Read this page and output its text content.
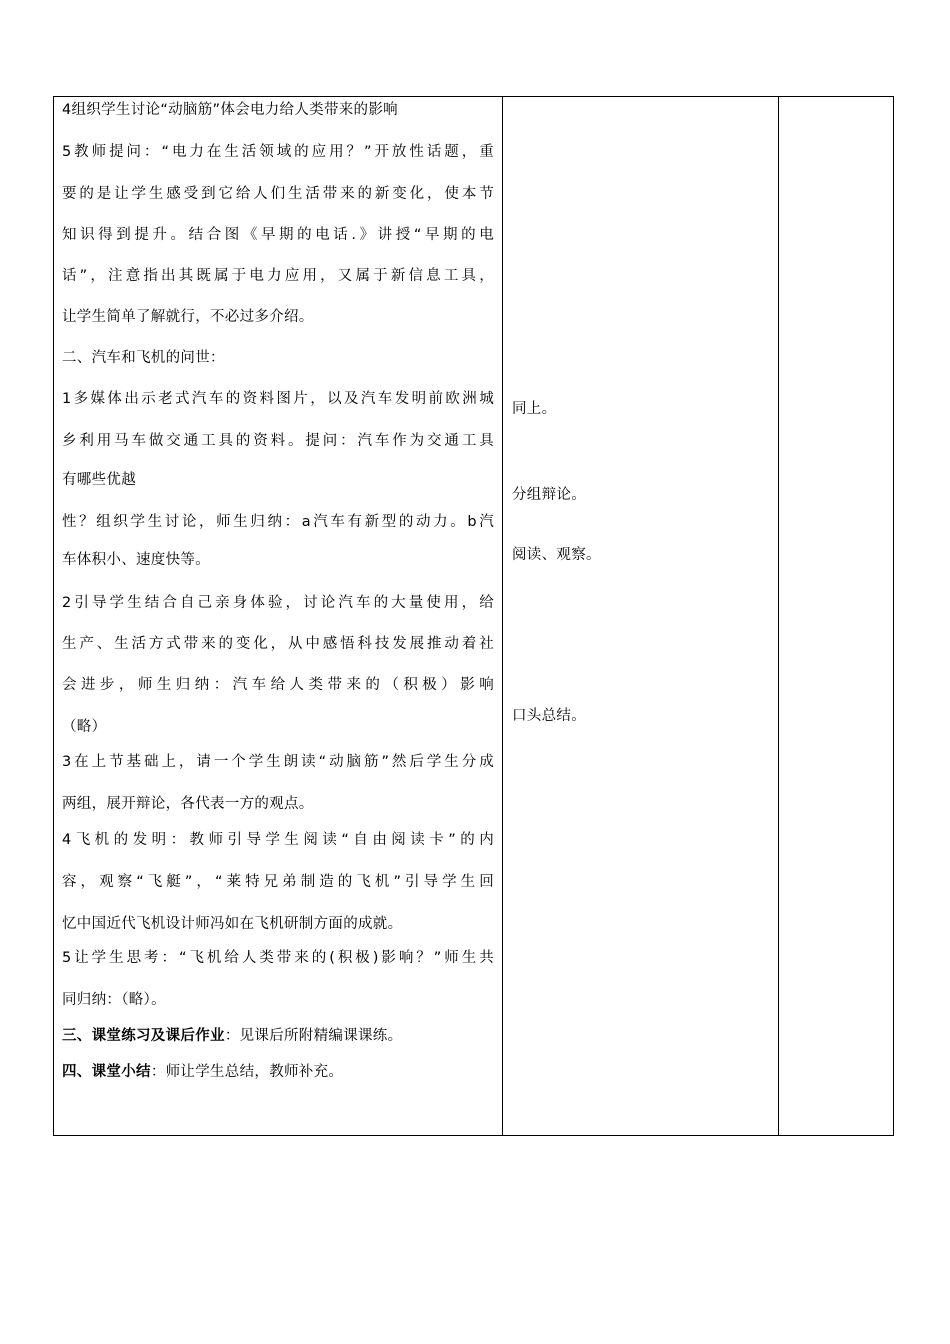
4组织学生讨论“动脑筋”体会电力给人类带来的影响
5教师提问：“电力在生活领域的应用？”开放性话题，重
要的是让学生感受到它给人们生活带来的新变化，使本节
知识得到提升。结合图《早期的电话.》讲授“早期的电
话”，注意指出其既属于电力应用，又属于新信息工具，
让学生简单了解就行，不必过多介绍。
二、汽车和飞机的问世：
1多媒体出示老式汽车的资料图片，以及汽车发明前欧洲城
乡利用马车做交通工具的资料。提问：汽车作为交通工具
有哪些优越
性？组织学生讨论，师生归纳：a汽车有新型的动力。b汽
车体积小、速度快等。
2引导学生结合自己亲身体验，讨论汽车的大量使用，给
生产、生活方式带来的变化，从中感悟科技发展推动着社
会进步，师生归纳：汽车给人类带来的（积极）影响
（略）
3在上节基础上，请一个学生朗读“动脑筋”然后学生分成
两组，展开辩论，各代表一方的观点。
4飞机的发明：教师引导学生阅读“自由阅读卡”的内
容，观察“飞艇”，“莱特兄弟制造的飞机”引导学生回
忆中国近代飞机设计师冯如在飞机研制方面的成就。
5让学生思考：“飞机给人类带来的(积极)影响？”师生共
同归纳：（略）。
三、课堂练习及课后作业：见课后所附精编课课练。
四、课堂小结：师让学生总结，教师补充。
同上。
分组辩论。
阅读、观察。
口头总结。
